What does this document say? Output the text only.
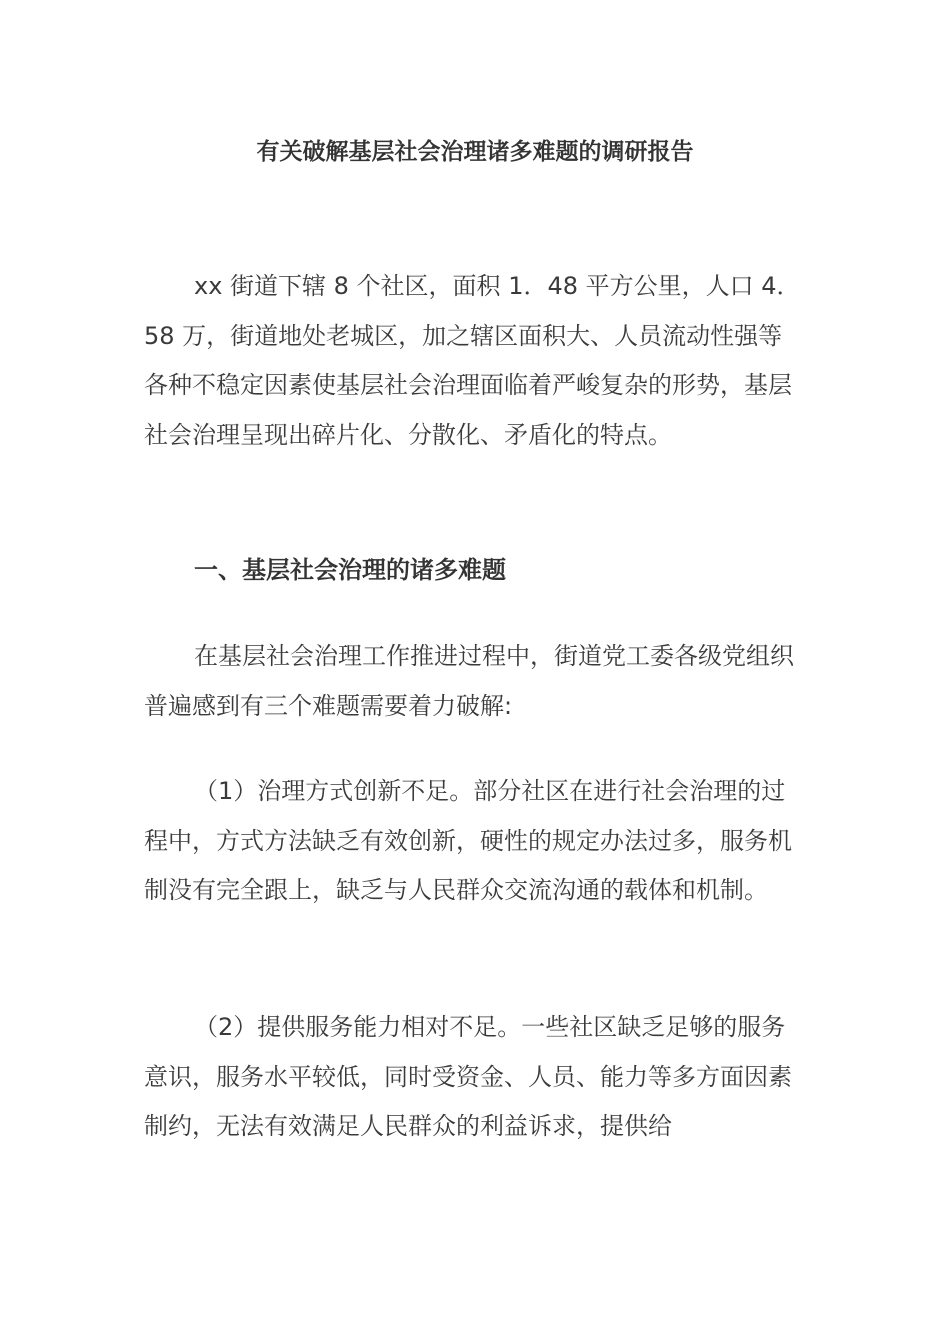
有关破解基层社会治理诸多难题的调研报告

xx 街道下辖 8 个社区，面积 1．48 平方公里，人口 4．58 万，街道地处老城区，加之辖区面积大、人员流动性强等各种不稳定因素使基层社会治理面临着严峻复杂的形势，基层社会治理呈现出碎片化、分散化、矛盾化的特点。

一、基层社会治理的诸多难题

在基层社会治理工作推进过程中，街道党工委各级党组织普遍感到有三个难题需要着力破解:

（1）治理方式创新不足。部分社区在进行社会治理的过程中，方式方法缺乏有效创新，硬性的规定办法过多，服务机制没有完全跟上，缺乏与人民群众交流沟通的载体和机制。

（2）提供服务能力相对不足。一些社区缺乏足够的服务意识，服务水平较低，同时受资金、人员、能力等多方面因素制约，无法有效满足人民群众的利益诉求，提供给
